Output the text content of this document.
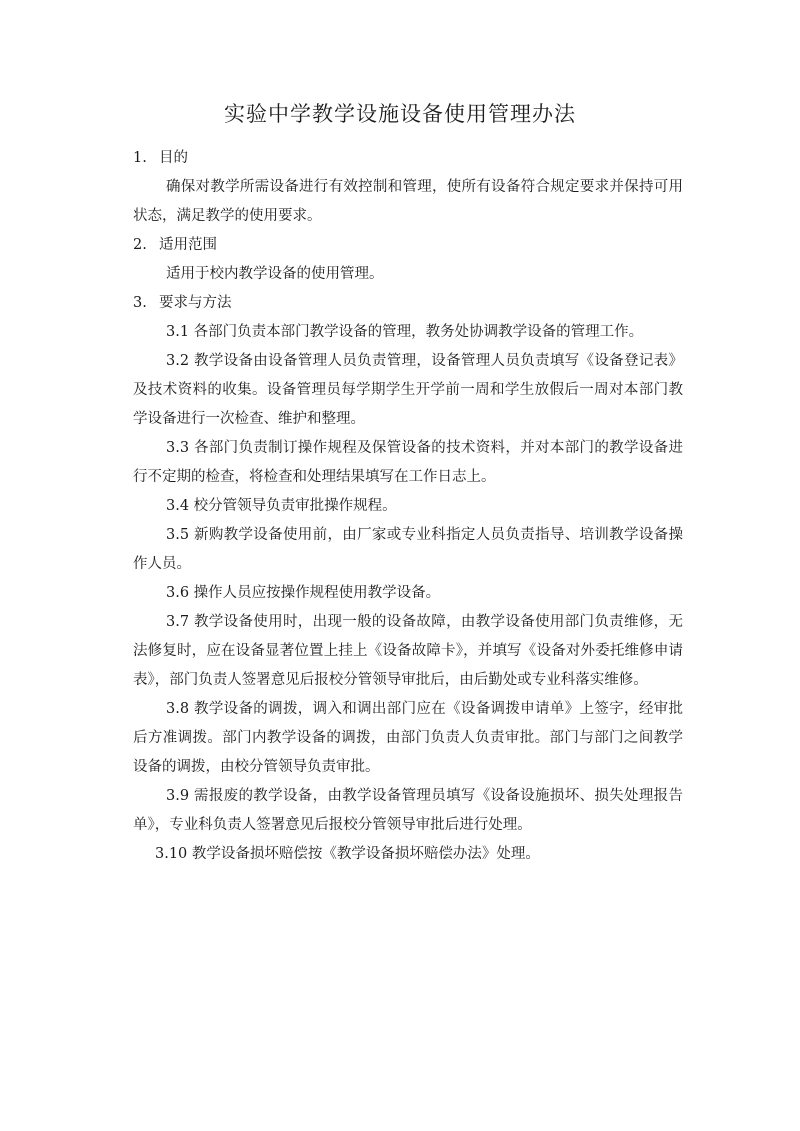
实验中学教学设施设备使用管理办法
1. 目的
确保对教学所需设备进行有效控制和管理，使所有设备符合规定要求并保持可用状态，满足教学的使用要求。
2. 适用范围
适用于校内教学设备的使用管理。
3. 要求与方法
3.1 各部门负责本部门教学设备的管理，教务处协调教学设备的管理工作。
3.2 教学设备由设备管理人员负责管理，设备管理人员负责填写《设备登记表》及技术资料的收集。设备管理员每学期学生开学前一周和学生放假后一周对本部门教学设备进行一次检查、维护和整理。
3.3 各部门负责制订操作规程及保管设备的技术资料，并对本部门的教学设备进行不定期的检查，将检查和处理结果填写在工作日志上。
3.4 校分管领导负责审批操作规程。
3.5 新购教学设备使用前，由厂家或专业科指定人员负责指导、培训教学设备操作人员。
3.6 操作人员应按操作规程使用教学设备。
3.7 教学设备使用时，出现一般的设备故障，由教学设备使用部门负责维修，无法修复时，应在设备显著位置上挂上《设备故障卡》，并填写《设备对外委托维修申请表》，部门负责人签署意见后报校分管领导审批后，由后勤处或专业科落实维修。
3.8 教学设备的调拨，调入和调出部门应在《设备调拨申请单》上签字，经审批后方准调拨。部门内教学设备的调拨，由部门负责人负责审批。部门与部门之间教学设备的调拨，由校分管领导负责审批。
3.9 需报废的教学设备，由教学设备管理员填写《设备设施损坏、损失处理报告单》，专业科负责人签署意见后报校分管领导审批后进行处理。
3.10 教学设备损坏赔偿按《教学设备损坏赔偿办法》处理。
